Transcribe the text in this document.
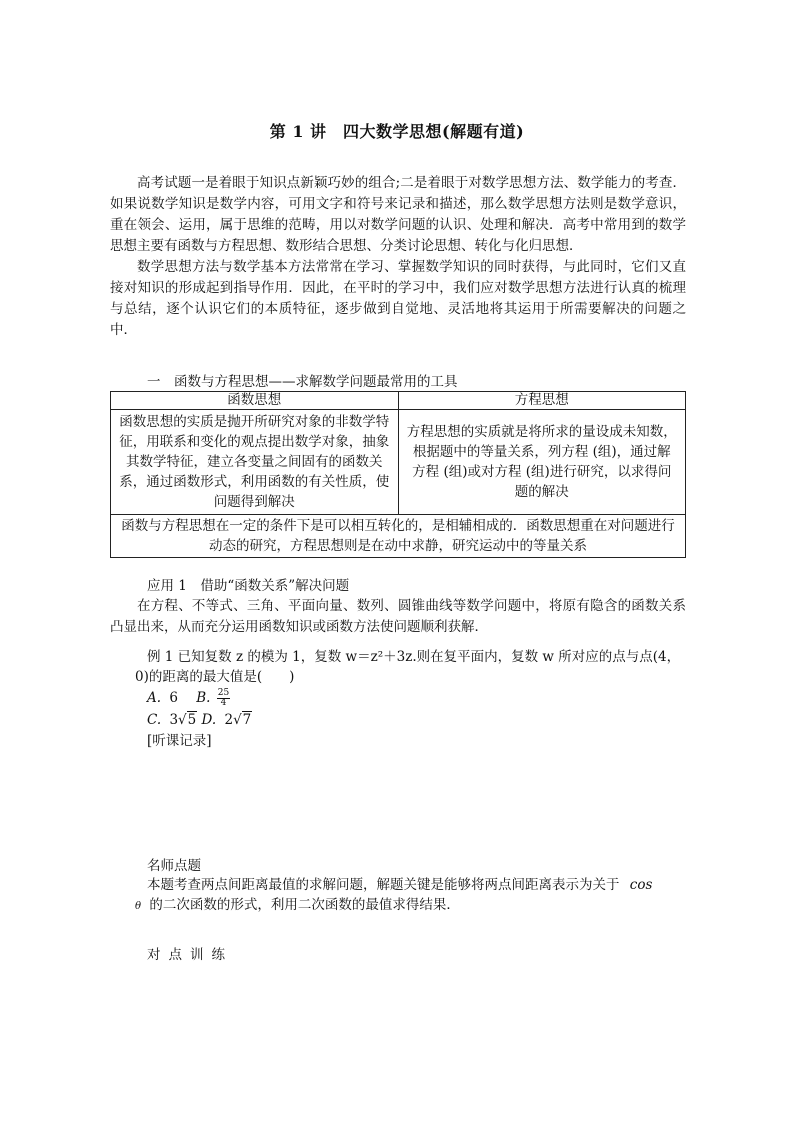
第 1 讲　四大数学思想(解题有道)

高考试题一是着眼于知识点新颖巧妙的组合;二是着眼于对数学思想方法、数学能力的考查．如果说数学知识是数学内容，可用文字和符号来记录和描述，那么数学思想方法则是数学意识，重在领会、运用，属于思维的范畴，用以对数学问题的认识、处理和解决．高考中常用到的数学思想主要有函数与方程思想、数形结合思想、分类讨论思想、转化与化归思想．

数学思想方法与数学基本方法常常在学习、掌握数学知识的同时获得，与此同时，它们又直接对知识的形成起到指导作用．因此，在平时的学习中，我们应对数学思想方法进行认真的梳理与总结，逐个认识它们的本质特征，逐步做到自觉地、灵活地将其运用于所需要解决的问题之中．

一　函数与方程思想——求解数学问题最常用的工具
函数思想	方程思想

函数思想的实质是抛开所研究对象的非数学特征，用联系和变化的观点提出数学对象，抽象其数学特征，建立各变量之间固有的函数关系，通过函数形式，利用函数的有关性质，使问题得到解决	方程思想的实质就是将所求的量设成未知数，根据题中的等量关系，列方程 (组)，通过解方程 (组)或对方程 (组)进行研究，以求得问题的解决

函数与方程思想在一定的条件下是可以相互转化的，是相辅相成的．函数思想重在对问题进行动态的研究，方程思想则是在动中求静，研究运动中的等量关系	
应用 1　借助“函数关系”解决问题

在方程、不等式、三角、平面向量、数列、圆锥曲线等数学问题中，将原有隐含的函数关系凸显出来，从而充分运用函数知识或函数方法使问题顺利获解．

例 1 已知复数 z 的模为 1，复数 w＝z²＋3z.则在复平面内，复数 w 所对应的点与点(4，
0)的距离的最大值是(　　)
A. 6 B. $\frac{25}{4}$
C. 3√5 D. 2√7
[听课记录]
名师点题
本题考查两点间距离最值的求解问题，解题关键是能够将两点间距离表示为关于 cos
θ 的二次函数的形式，利用二次函数的最值求得结果．
对点训练
